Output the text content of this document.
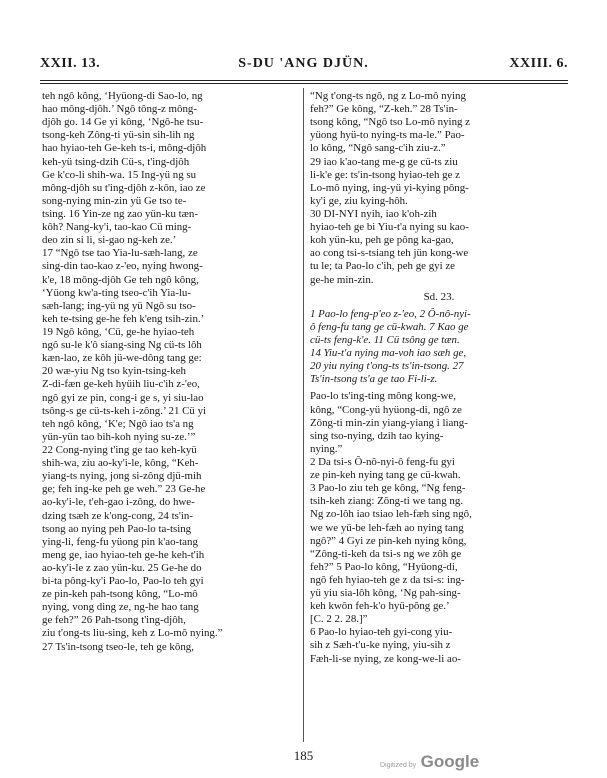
XXII. 13.	S-DU 'ANG DJÜN.	XXIII. 6.
teh ngô kông, ‘Hyüong-di Sao-lo, ng
hao mông-djôh.’ Ngô tông-z mông-
djôh go. 14 Ge yi kông, ‘Ngô-he tsu-
tsong-keh Zông-ti yü-sin sih-lih ng
hao hyiao-teh Ge-keh ts-i, mông-djôh
keh-yü tsing-dzih Cü-s, t'ing-djôh
Ge k'co-li shih-wa. 15 Ing-yü ng su
mông-djôh su t'ing-djôh z-kôn, iao ze
song-nying min-zin yü Ge tso te-
tsing. 16 Yin-ze ng zao yün-ku tæn-
kôh? Nang-ky'i, tao-kao Cü ming-
deo zin si li, si-gao ng-keh ze.’
17 “Ngô tse tao Yia-lu-sæh-lang, ze
sing-din tao-kao z-'eo, nying hwong-
k'e, 18 mông-djôh Ge teh ngô kông,
‘Yüong kw'a-ting tseo-c'ih Yia-lu-
sæh-lang; ing-yü ng yü Ngô su tso-
keh te-tsing ge-he feh k'eng tsih-zin.’
19 Ngô kông, ‘Cü, ge-he hyiao-teh
ngô su-le k'ô siang-sing Ng cü-ts lôh
kæn-lao, ze kôh jü-we-dông tang ge:
20 wæ-yiu Ng tso kyin-tsing-keh
Z-di-fæn ge-keh hyüih liu-c'ih z-'eo,
ngô gyi ze pin, cong-i ge s, yi siu-lao
tsông-s ge cü-ts-keh i-zông.’ 21 Cü yi
teh ngô kông, ‘K'e; Ngô iao ts'a ng
yün-yün tao bih-koh nying su-ze.’”
22 Cong-nying t'ing ge tao keh-kyü
shih-wa, ziu ao-ky'i-le, kông, “Keh-
yiang-ts nying, jong si-zông djü-mih
ge; feh ing-ke peh ge weh.” 23 Ge-he
ao-ky'i-le, t'eh-gao i-zông, do hwe-
dzing tsæh ze k'ong-cong, 24 ts'in-
tsong ao nying peh Pao-lo ta-tsing
ying-li, feng-fu yüong pin k'ao-tang
meng ge, iao hyiao-teh ge-he keh-t'ih
ao-ky'i-le z zao yün-ku. 25 Ge-he do
bi-ta pông-ky'i Pao-lo, Pao-lo teh gyi
ze pin-keh pah-tsong kông, “Lo-mô
nying, vong ding ze, ng-he hao tang
ge feh?” 26 Pah-tsong t'ing-djôh,
ziu t'ong-ts liu-sing, keh z Lo-mô nying.”
27 Ts'in-tsong tseo-le, teh ge kông,
“Ng t'ong-ts ngô, ng z Lo-mô nying
feh?” Ge kông, “Z-keh.” 28 Ts'in-
tsong kông, “Ngô tso Lo-mô nying z
yüong hyü-to nying-ts ma-le.” Pao-
lo kông, “Ngô sang-c'ih ziu-z.”
29 iao k'ao-tang me-g ge cü-ts ziu
li-k'e ge: ts'in-tsong hyiao-teh ge z
Lo-mô nying, ing-yü yi-kying pông-
ky'i ge, ziu kying-hôh.
30 DI-NYI nyih, iao k'oh-zih
hyiao-teh ge bi Yiu-t'a nying su kao-
koh yün-ku, peh ge pông ka-gao,
ao cong tsi-s-tsiang teh jün kong-we
tu le; ta Pao-lo c'ih, peh ge gyi ze
ge-he min-zin.
Sd. 23.
1 Pao-lo feng-p'eo z-'eo, 2 Ô-nô-nyi-
ô feng-fu tang ge cü-kwah. 7 Kao ge
cü-ts feng-k'e. 11 Cü tsông ge tæn.
14 Yiu-t'a nying ma-voh iao sæh ge,
20 yiu nying t'ong-ts ts'in-tsong. 27
Ts'in-tsong ts'a ge tao Fi-li-z.
Pao-lo ts'ing-ting mông kong-we,
kông, “Cong-yü hyüong-di, ngô ze
Zông-ti min-zin yiang-yiang i liang-
sing tso-nying, dzih tao kying-
nying.”
2 Da tsi-s Ô-nô-nyi-ô feng-fu gyi
ze pin-keh nying tang ge cü-kwah.
3 Pao-lo ziu teh ge kông, “Ng feng-
tsih-keh ziang: Zông-ti we tang ng.
Ng zo-lôh iao tsiao leh-fæh sing ngô,
we we yü-be leh-fæh ao nying tang
ngô?” 4 Gyi ze pin-keh nying kông,
“Zông-ti-keh da tsi-s ng we zôh ge
feh?” 5 Pao-lo kông, “Hyüong-di,
ngô feh hyiao-teh ge z da tsi-s: ing-
yü yiu sia-lôh kông, ‘Ng pah-sing-
keh kwôn feh-k'o hyü-pông ge.’
[C. 2 2. 28.]”
6 Pao-lo hyiao-teh gyi-cong yiu-
sih z Sæh-t'u-ke nying, yiu-sih z
Fæh-li-se nying, ze kong-we-li ao-
185
Digitized by Google
